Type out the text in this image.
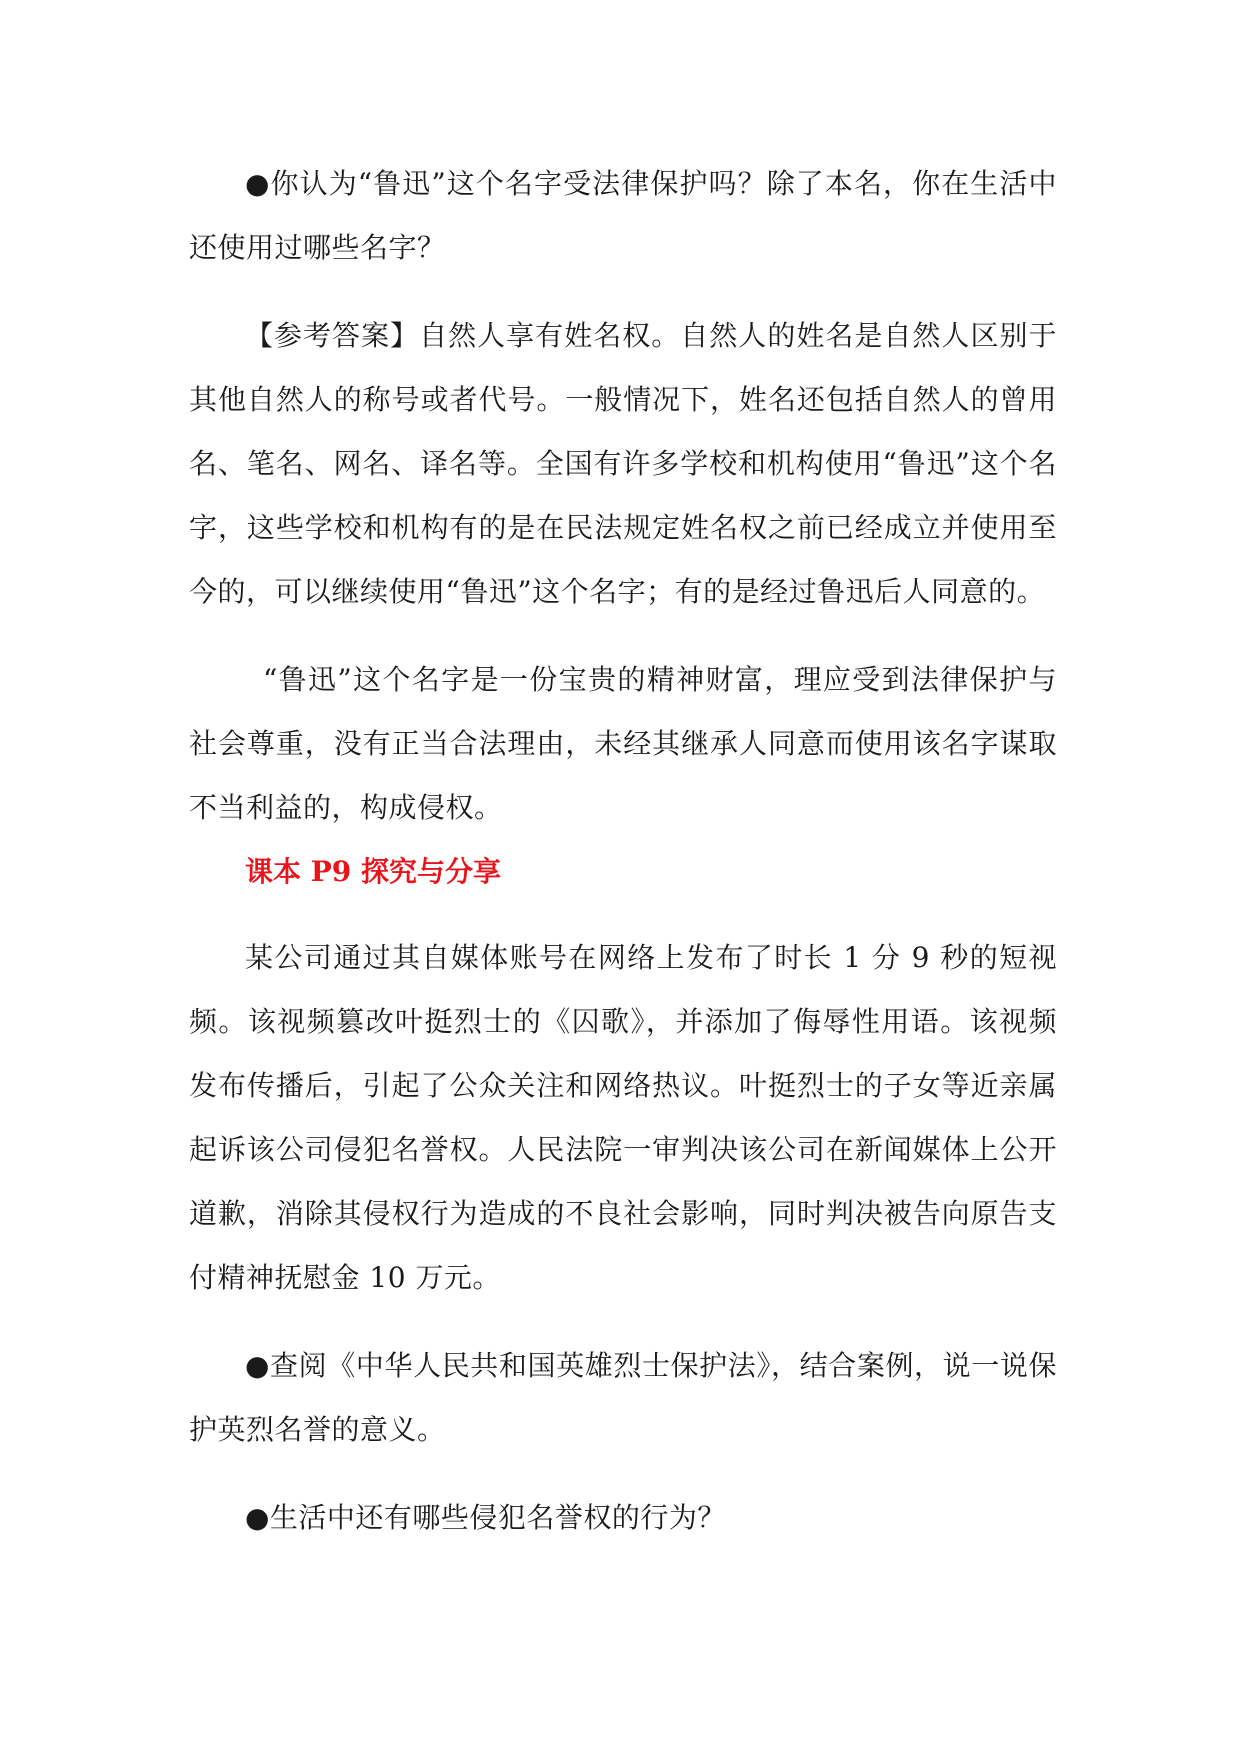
●你认为“鲁迅”这个名字受法律保护吗？除了本名，你在生活中还使用过哪些名字？

【参考答案】自然人享有姓名权。自然人的姓名是自然人区别于其他自然人的称号或者代号。一般情况下，姓名还包括自然人的曾用名、笔名、网名、译名等。全国有许多学校和机构使用“鲁迅”这个名字，这些学校和机构有的是在民法规定姓名权之前已经成立并使用至今的，可以继续使用“鲁迅”这个名字；有的是经过鲁迅后人同意的。

“鲁迅”这个名字是一份宝贵的精神财富，理应受到法律保护与社会尊重，没有正当合法理由，未经其继承人同意而使用该名字谋取不当利益的，构成侵权。

课本 P9 探究与分享

某公司通过其自媒体账号在网络上发布了时长 1 分 9 秒的短视频。该视频篡改叶挺烈士的《囚歌》，并添加了侮辱性用语。该视频发布传播后，引起了公众关注和网络热议。叶挺烈士的子女等近亲属起诉该公司侵犯名誉权。人民法院一审判决该公司在新闻媒体上公开道歉，消除其侵权行为造成的不良社会影响，同时判决被告向原告支付精神抚慰金 10 万元。

●查阅《中华人民共和国英雄烈士保护法》，结合案例，说一说保护英烈名誉的意义。

●生活中还有哪些侵犯名誉权的行为？
